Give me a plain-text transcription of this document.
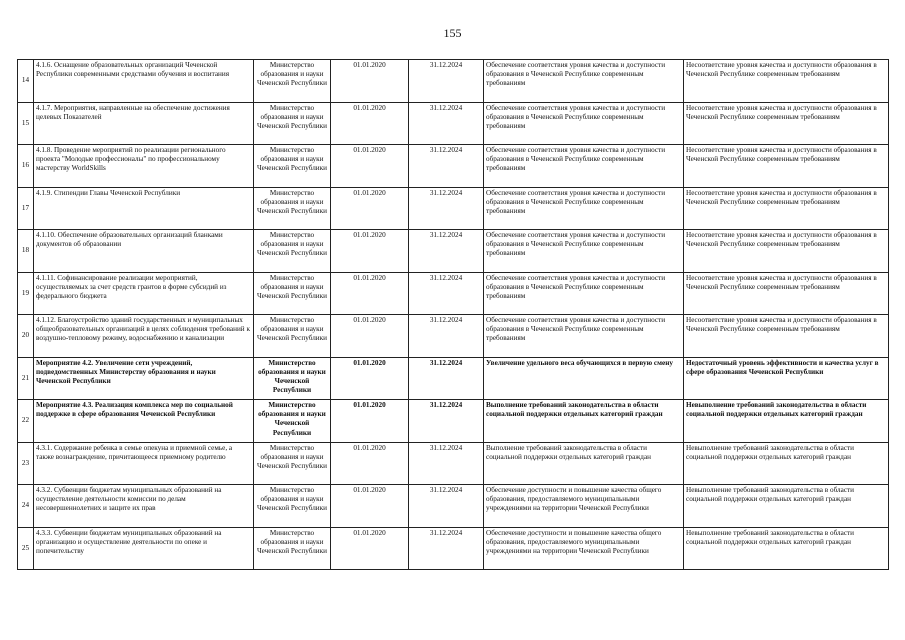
155
14	4.1.6. Оснащение образовательных организаций Чеченской Республики современными средствами обучения и воспитания	Министерство образования и науки Чеченской Республики	01.01.2020	31.12.2024	Обеспечение соответствия уровня качества и доступности образования в Чеченской Республике современным требованиям	Несоответствие уровня качества и доступности образования в Чеченской Республике современным требованиям
15	4.1.7. Мероприятия, направленные на обеспечение достижения целевых Показателей	Министерство образования и науки Чеченской Республики	01.01.2020	31.12.2024	Обеспечение соответствия уровня качества и доступности образования в Чеченской Республике современным требованиям	Несоответствие уровня качества и доступности образования в Чеченской Республике современным требованиям
16	4.1.8. Проведение мероприятий по реализации регионального проекта "Молодые профессионалы" по профессиональному мастерству WorldSkills	Министерство образования и науки Чеченской Республики	01.01.2020	31.12.2024	Обеспечение соответствия уровня качества и доступности образования в Чеченской Республике современным требованиям	Несоответствие уровня качества и доступности образования в Чеченской Республике современным требованиям
17	4.1.9. Стипендии Главы Чеченской Республики	Министерство образования и науки Чеченской Республики	01.01.2020	31.12.2024	Обеспечение соответствия уровня качества и доступности образования в Чеченской Республике современным требованиям	Несоответствие уровня качества и доступности образования в Чеченской Республике современным требованиям
18	4.1.10. Обеспечение образовательных организаций бланками документов об образовании	Министерство образования и науки Чеченской Республики	01.01.2020	31.12.2024	Обеспечение соответствия уровня качества и доступности образования в Чеченской Республике современным требованиям	Несоответствие уровня качества и доступности образования в Чеченской Республике современным требованиям
19	4.1.11. Софинансирование реализации мероприятий, осуществляемых за счет средств грантов в форме субсидий из федерального бюджета	Министерство образования и науки Чеченской Республики	01.01.2020	31.12.2024	Обеспечение соответствия уровня качества и доступности образования в Чеченской Республике современным требованиям	Несоответствие уровня качества и доступности образования в Чеченской Республике современным требованиям
20	4.1.12. Благоустройство зданий государственных и муниципальных общеобразовательных организаций в целях соблюдения требований к воздушно-тепловому режиму, водоснабжению и канализации	Министерство образования и науки Чеченской Республики	01.01.2020	31.12.2024	Обеспечение соответствия уровня качества и доступности образования в Чеченской Республике современным требованиям	Несоответствие уровня качества и доступности образования в Чеченской Республике современным требованиям
21	Мероприятие 4.2. Увеличение сети учреждений, подведомственных Министерству образования и науки Чеченской Республики	Министерство образования и науки Чеченской Республики	01.01.2020	31.12.2024	Увеличение удельного веса обучающихся в первую смену	Недостаточный уровень эффективности и качества услуг в сфере образования Чеченской Республики
22	Мероприятие 4.3. Реализация комплекса мер по социальной поддержке в сфере образования Чеченской Республики	Министерство образования и науки Чеченской Республики	01.01.2020	31.12.2024	Выполнение требований законодательства в области социальной поддержки отдельных категорий граждан	Невыполнение требований законодательства в области социальной поддержки отдельных категорий граждан
23	4.3.1. Содержание ребенка в семье опекуна и приемной семье, а также вознаграждение, причитающееся приемному родителю	Министерство образования и науки Чеченской Республики	01.01.2020	31.12.2024	Выполнение требований законодательства в области социальной поддержки отдельных категорий граждан	Невыполнение требований законодательства в области социальной поддержки отдельных категорий граждан
24	4.3.2. Субвенции бюджетам муниципальных образований на осуществление деятельности комиссии по делам несовершеннолетних и защите их прав	Министерство образования и науки Чеченской Республики	01.01.2020	31.12.2024	Обеспечение доступности и повышение качества общего образования, предоставляемого муниципальными учреждениями на территории Чеченской Республики	Невыполнение требований законодательства в области социальной поддержки отдельных категорий граждан
25	4.3.3. Субвенции бюджетам муниципальных образований на организацию и осуществление деятельности по опеке и попечительству	Министерство образования и науки Чеченской Республики	01.01.2020	31.12.2024	Обеспечение доступности и повышение качества общего образования, предоставляемого муниципальными учреждениями на территории Чеченской Республики	Невыполнение требований законодательства в области социальной поддержки отдельных категорий граждан
